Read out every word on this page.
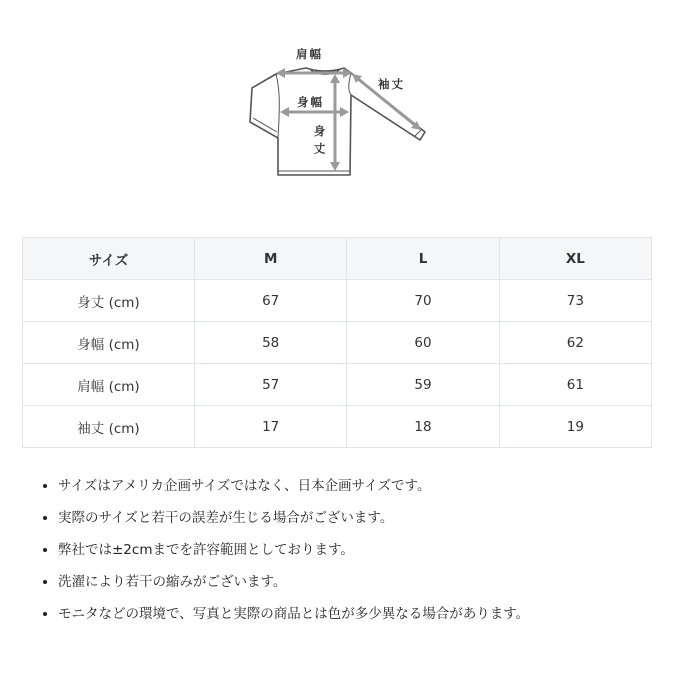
肩幅
袖丈
身幅
身丈
サイズ	M	L	XL
身丈 (cm)	67	70	73
身幅 (cm)	58	60	62
肩幅 (cm)	57	59	61
袖丈 (cm)	17	18	19
• サイズはアメリカ企画サイズではなく、日本企画サイズです。
• 実際のサイズと若干の誤差が生じる場合がございます。
• 弊社では±2cmまでを許容範囲としております。
• 洗濯により若干の縮みがございます。
• モニタなどの環境で、写真と実際の商品とは色が多少異なる場合があります。
